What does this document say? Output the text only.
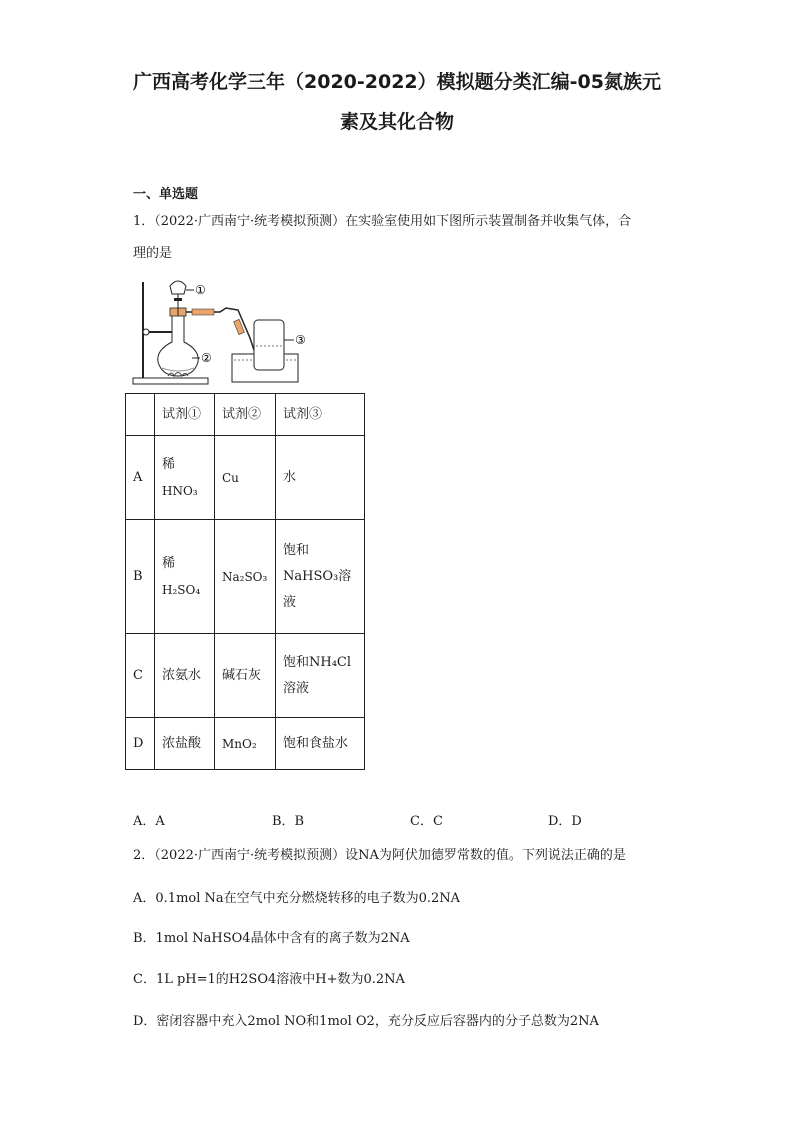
广西高考化学三年（2020-2022）模拟题分类汇编-05氮族元
素及其化合物
一、单选题
1．（2022·广西南宁·统考模拟预测）在实验室使用如下图所示装置制备并收集气体，合
理的是
①
②
③
	试剂①	试剂②	试剂③
A	稀
HNO₃	Cu	水

B	稀
H₂SO₄	Na₂SO₃	饱和
NaHSO₃溶
液

C	浓氨水	碱石灰	饱和NH₄Cl
溶液

D	浓盐酸	MnO₂	饱和食盐水
A．A	B．B	C．C	D．D
2．（2022·广西南宁·统考模拟预测）设NA为阿伏加德罗常数的值。下列说法正确的是
A．0.1mol Na在空气中充分燃烧转移的电子数为0.2NA
B．1mol NaHSO4晶体中含有的离子数为2NA
C．1L pH=1的H2SO4溶液中H+数为0.2NA
D．密闭容器中充入2mol NO和1mol O2，充分反应后容器内的分子总数为2NA
